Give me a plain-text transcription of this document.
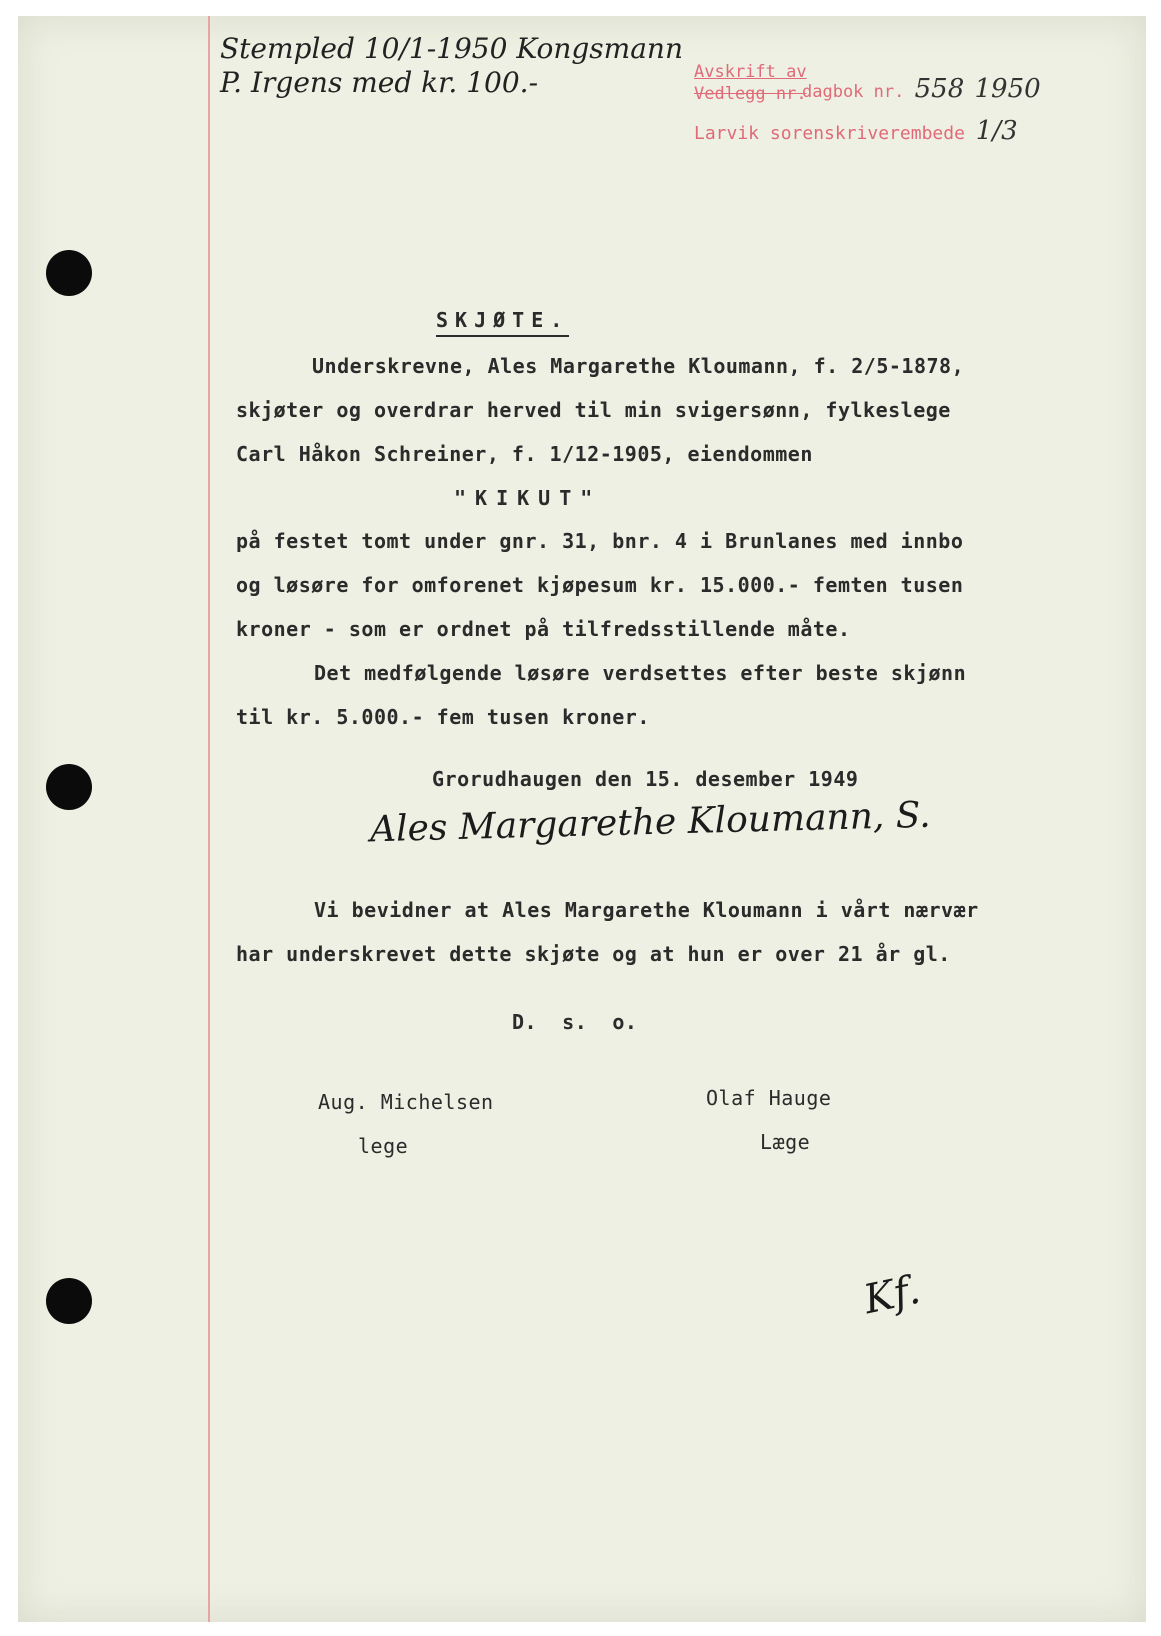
Stempled 10/1-1950 Kongsmann
P. Irgens med kr. 100.-	Avskrift av
Vedlegg nr.
dagbok nr. 558 1950
Larvik sorenskriverembede 1/3
SKJØTE.

Underskrevne, Ales Margarethe Kloumann, f. 2/5-1878,

skjøter og overdrar herved til min svigersønn, fylkeslege

Carl Håkon Schreiner, f. 1/12-1905, eiendommen

"KIKUT"

på festet tomt under gnr. 31, bnr. 4 i Brunlanes med innbo

og løsøre for omforenet kjøpesum kr. 15.000.- femten tusen

kroner - som er ordnet på tilfredsstillende måte.

Det medfølgende løsøre verdsettes efter beste skjønn

til kr. 5.000.- fem tusen kroner.

Grorudhaugen den 15. desember 1949

Ales Margarethe Kloumann, S.

Vi bevidner at Ales Margarethe Kloumann i vårt nærvær

har underskrevet dette skjøte og at hun er over 21 år gl.

D.  s.  o.

Aug. Michelsen

lege

Olaf Hauge

Læge

Kf.
